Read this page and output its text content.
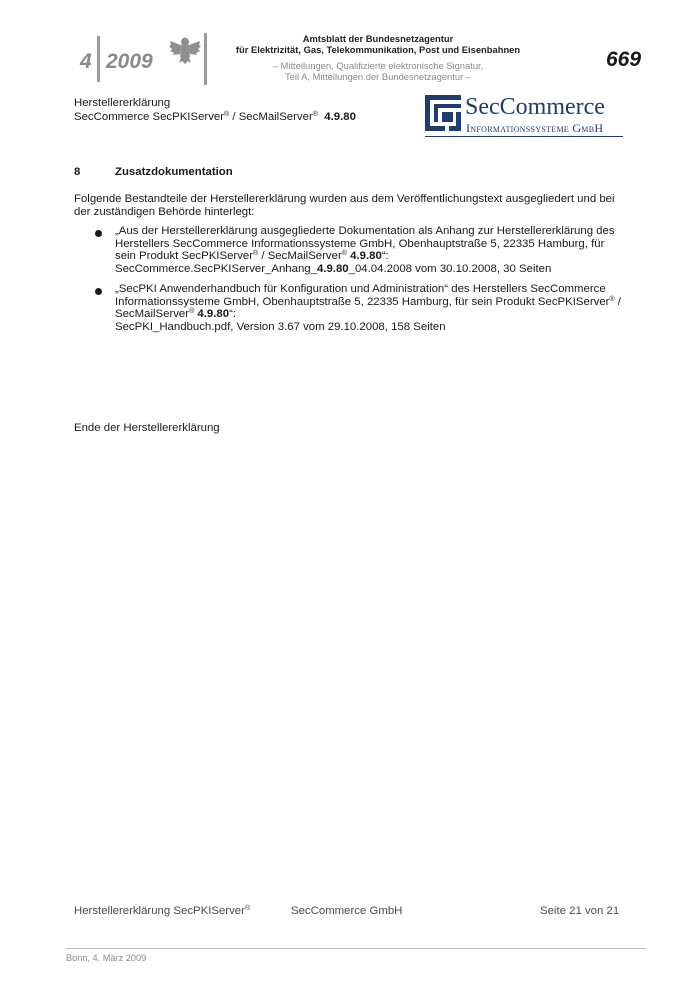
4 2009
Amtsblatt der Bundesnetzagentur
für Elektrizität, Gas, Telekommunikation, Post und Eisenbahnen
– Mitteilungen, Qualifizierte elektronische Signatur,
Teil A, Mitteilungen der Bundesnetzagentur –
669
Herstellererklärung
SecCommerce SecPKIServer® / SecMailServer® 4.9.80	SecCommerce
Informationssysteme GmbH
8	Zusatzdokumentation
Folgende Bestandteile der Herstellererklärung wurden aus dem Veröffentlichungstext ausgegliedert und bei der zuständigen Behörde hinterlegt:

„Aus der Herstellererklärung ausgegliederte Dokumentation als Anhang zur Herstellererklärung des

Herstellers SecCommerce Informationssysteme GmbH, Obenhauptstraße 5, 22335 Hamburg, für

sein Produkt SecPKIServer® / SecMailServer® 4.9.80“:

SecCommerce.SecPKIServer_Anhang_4.9.80_04.04.2008 vom 30.10.2008, 30 Seiten

„SecPKI Anwenderhandbuch für Konfiguration und Administration“ des Herstellers SecCommerce

Informationssysteme GmbH, Obenhauptstraße 5, 22335 Hamburg, für sein Produkt SecPKIServer® /

SecMailServer® 4.9.80“:

SecPKI_Handbuch.pdf, Version 3.67 vom 29.10.2008, 158 Seiten

Ende der Herstellererklärung
Herstellererklärung SecPKIServer®	SecCommerce GmbH	Seite 21 von 21
Bonn, 4. März 2009
